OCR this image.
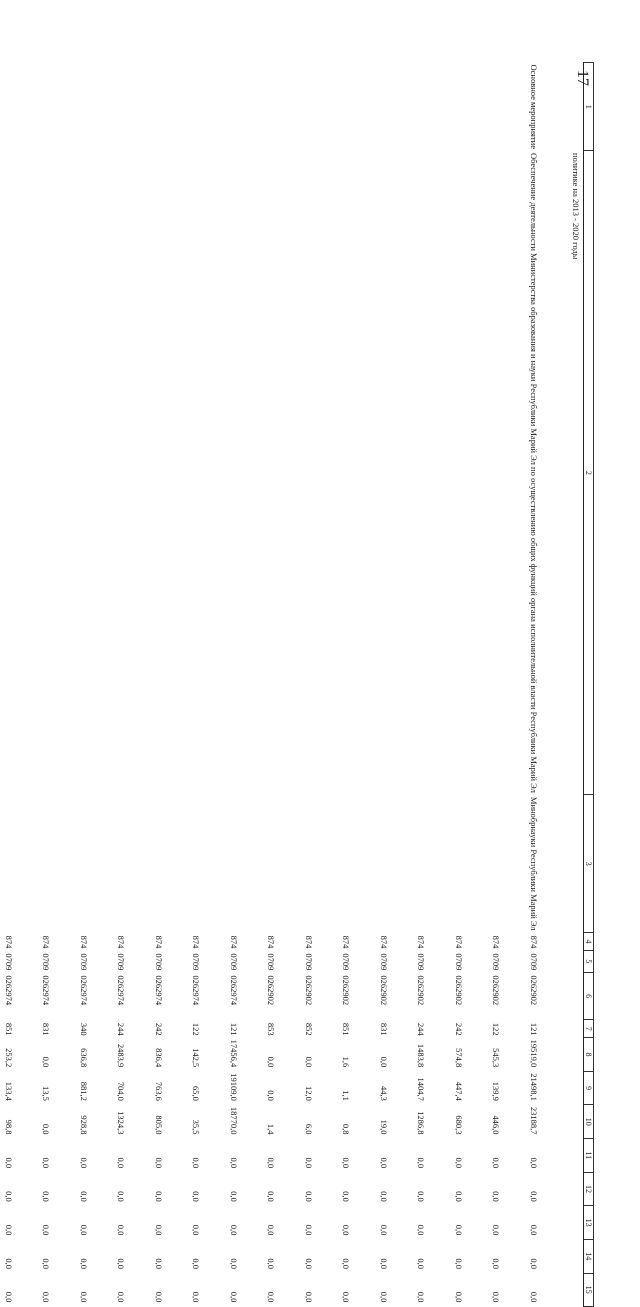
17
1	2	3	4	5	6	7	8	9	10	11	12	13	14	15
	политике на 2013 - 2020 годы													
Основное мероприятие	Обеспечение деятельности Министерства образования и науки Республики Марий Эл по осуществлению общих функций органа исполнительной власти Республики Марий Эл	Минобрнауки Республики Марий Эл	874	0709	0262902	121	19519,0	21498,1	23188,7	0,0	0,0	0,0	0,0	0,0
			874	0709	0262902	122	545,3	139,9	446,0	0,0	0,0	0,0	0,0	0,0
			874	0709	0262902	242	574,8	447,4	680,3	0,0	0,0	0,0	0,0	0,0
			874	0709	0262902	244	1483,8	1404,7	1286,8	0,0	0,0	0,0	0,0	0,0
			874	0709	0262902	831	0,0	44,3	19,0	0,0	0,0	0,0	0,0	0,0
			874	0709	0262902	851	1,6	1,1	0,8	0,0	0,0	0,0	0,0	0,0
			874	0709	0262902	852	0,0	12,0	6,0	0,0	0,0	0,0	0,0	0,0
			874	0709	0262902	853	0,0	0,0	1,4	0,0	0,0	0,0	0,0	0,0
			874	0709	0262974	121	17456,4	19109,0	18770,0	0,0	0,0	0,0	0,0	0,0
			874	0709	0262974	122	142,5	65,0	35,5	0,0	0,0	0,0	0,0	0,0
			874	0709	0262974	242	836,4	763,6	805,0	0,0	0,0	0,0	0,0	0,0
			874	0709	0262974	244	2483,9	704,0	1324,3	0,0	0,0	0,0	0,0	0,0
			874	0709	0262974	340	636,8	881,2	928,8	0,0	0,0	0,0	0,0	0,0
			874	0709	0262974	831	0,0	13,5	0,0	0,0	0,0	0,0	0,0	0,0
			874	0709	0262974	851	253,2	133,4	98,8	0,0	0,0	0,0	0,0	0,0
